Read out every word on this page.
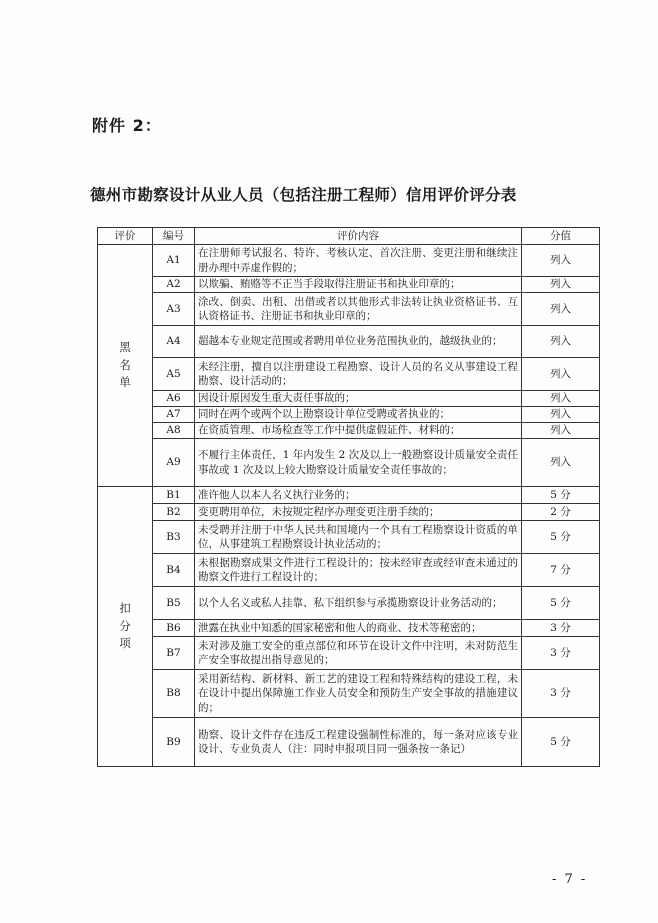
附件 2：
德州市勘察设计从业人员（包括注册工程师）信用评价评分表
评价	编号	评价内容	分值

黑
名
单	A1	在注册师考试报名、特许、考核认定、首次注册、变更注册和继续注册办理中弄虚作假的；	列入
	A2	以欺骗、贿赂等不正当手段取得注册证书和执业印章的；	列入
	A3	涂改、倒卖、出租、出借或者以其他形式非法转让执业资格证书、互认资格证书、注册证书和执业印章的；	列入
	A4	超越本专业规定范围或者聘用单位业务范围执业的，越级执业的；	列入
	A5	未经注册，擅自以注册建设工程勘察、设计人员的名义从事建设工程勘察、设计活动的；	列入
	A6	因设计原因发生重大责任事故的；	列入
	A7	同时在两个或两个以上勘察设计单位受聘或者执业的；	列入
	A8	在资质管理、市场检查等工作中提供虚假证件、材料的；	列入
	A9	不履行主体责任，1 年内发生 2 次及以上一般勘察设计质量安全责任事故或 1 次及以上较大勘察设计质量安全责任事故的；	列入

扣
分
项	B1	准许他人以本人名义执行业务的；	5 分
	B2	变更聘用单位，未按规定程序办理变更注册手续的；	2 分
	B3	未受聘并注册于中华人民共和国境内一个具有工程勘察设计资质的单位，从事建筑工程勘察设计执业活动的；	5 分
	B4	未根据勘察成果文件进行工程设计的；按未经审查或经审查未通过的勘察文件进行工程设计的；	7 分
	B5	以个人名义或私人挂靠、私下组织参与承揽勘察设计业务活动的；	5 分
	B6	泄露在执业中知悉的国家秘密和他人的商业、技术等秘密的；	3 分
	B7	未对涉及施工安全的重点部位和环节在设计文件中注明，未对防范生产安全事故提出指导意见的；	3 分
	B8	采用新结构、新材料、新工艺的建设工程和特殊结构的建设工程，未在设计中提出保障施工作业人员安全和预防生产安全事故的措施建议的；	3 分
	B9	勘察、设计文件存在违反工程建设强制性标准的，每一条对应该专业设计、专业负责人（注：同时申报项目同一强条按一条记）	5 分
- 7 -
